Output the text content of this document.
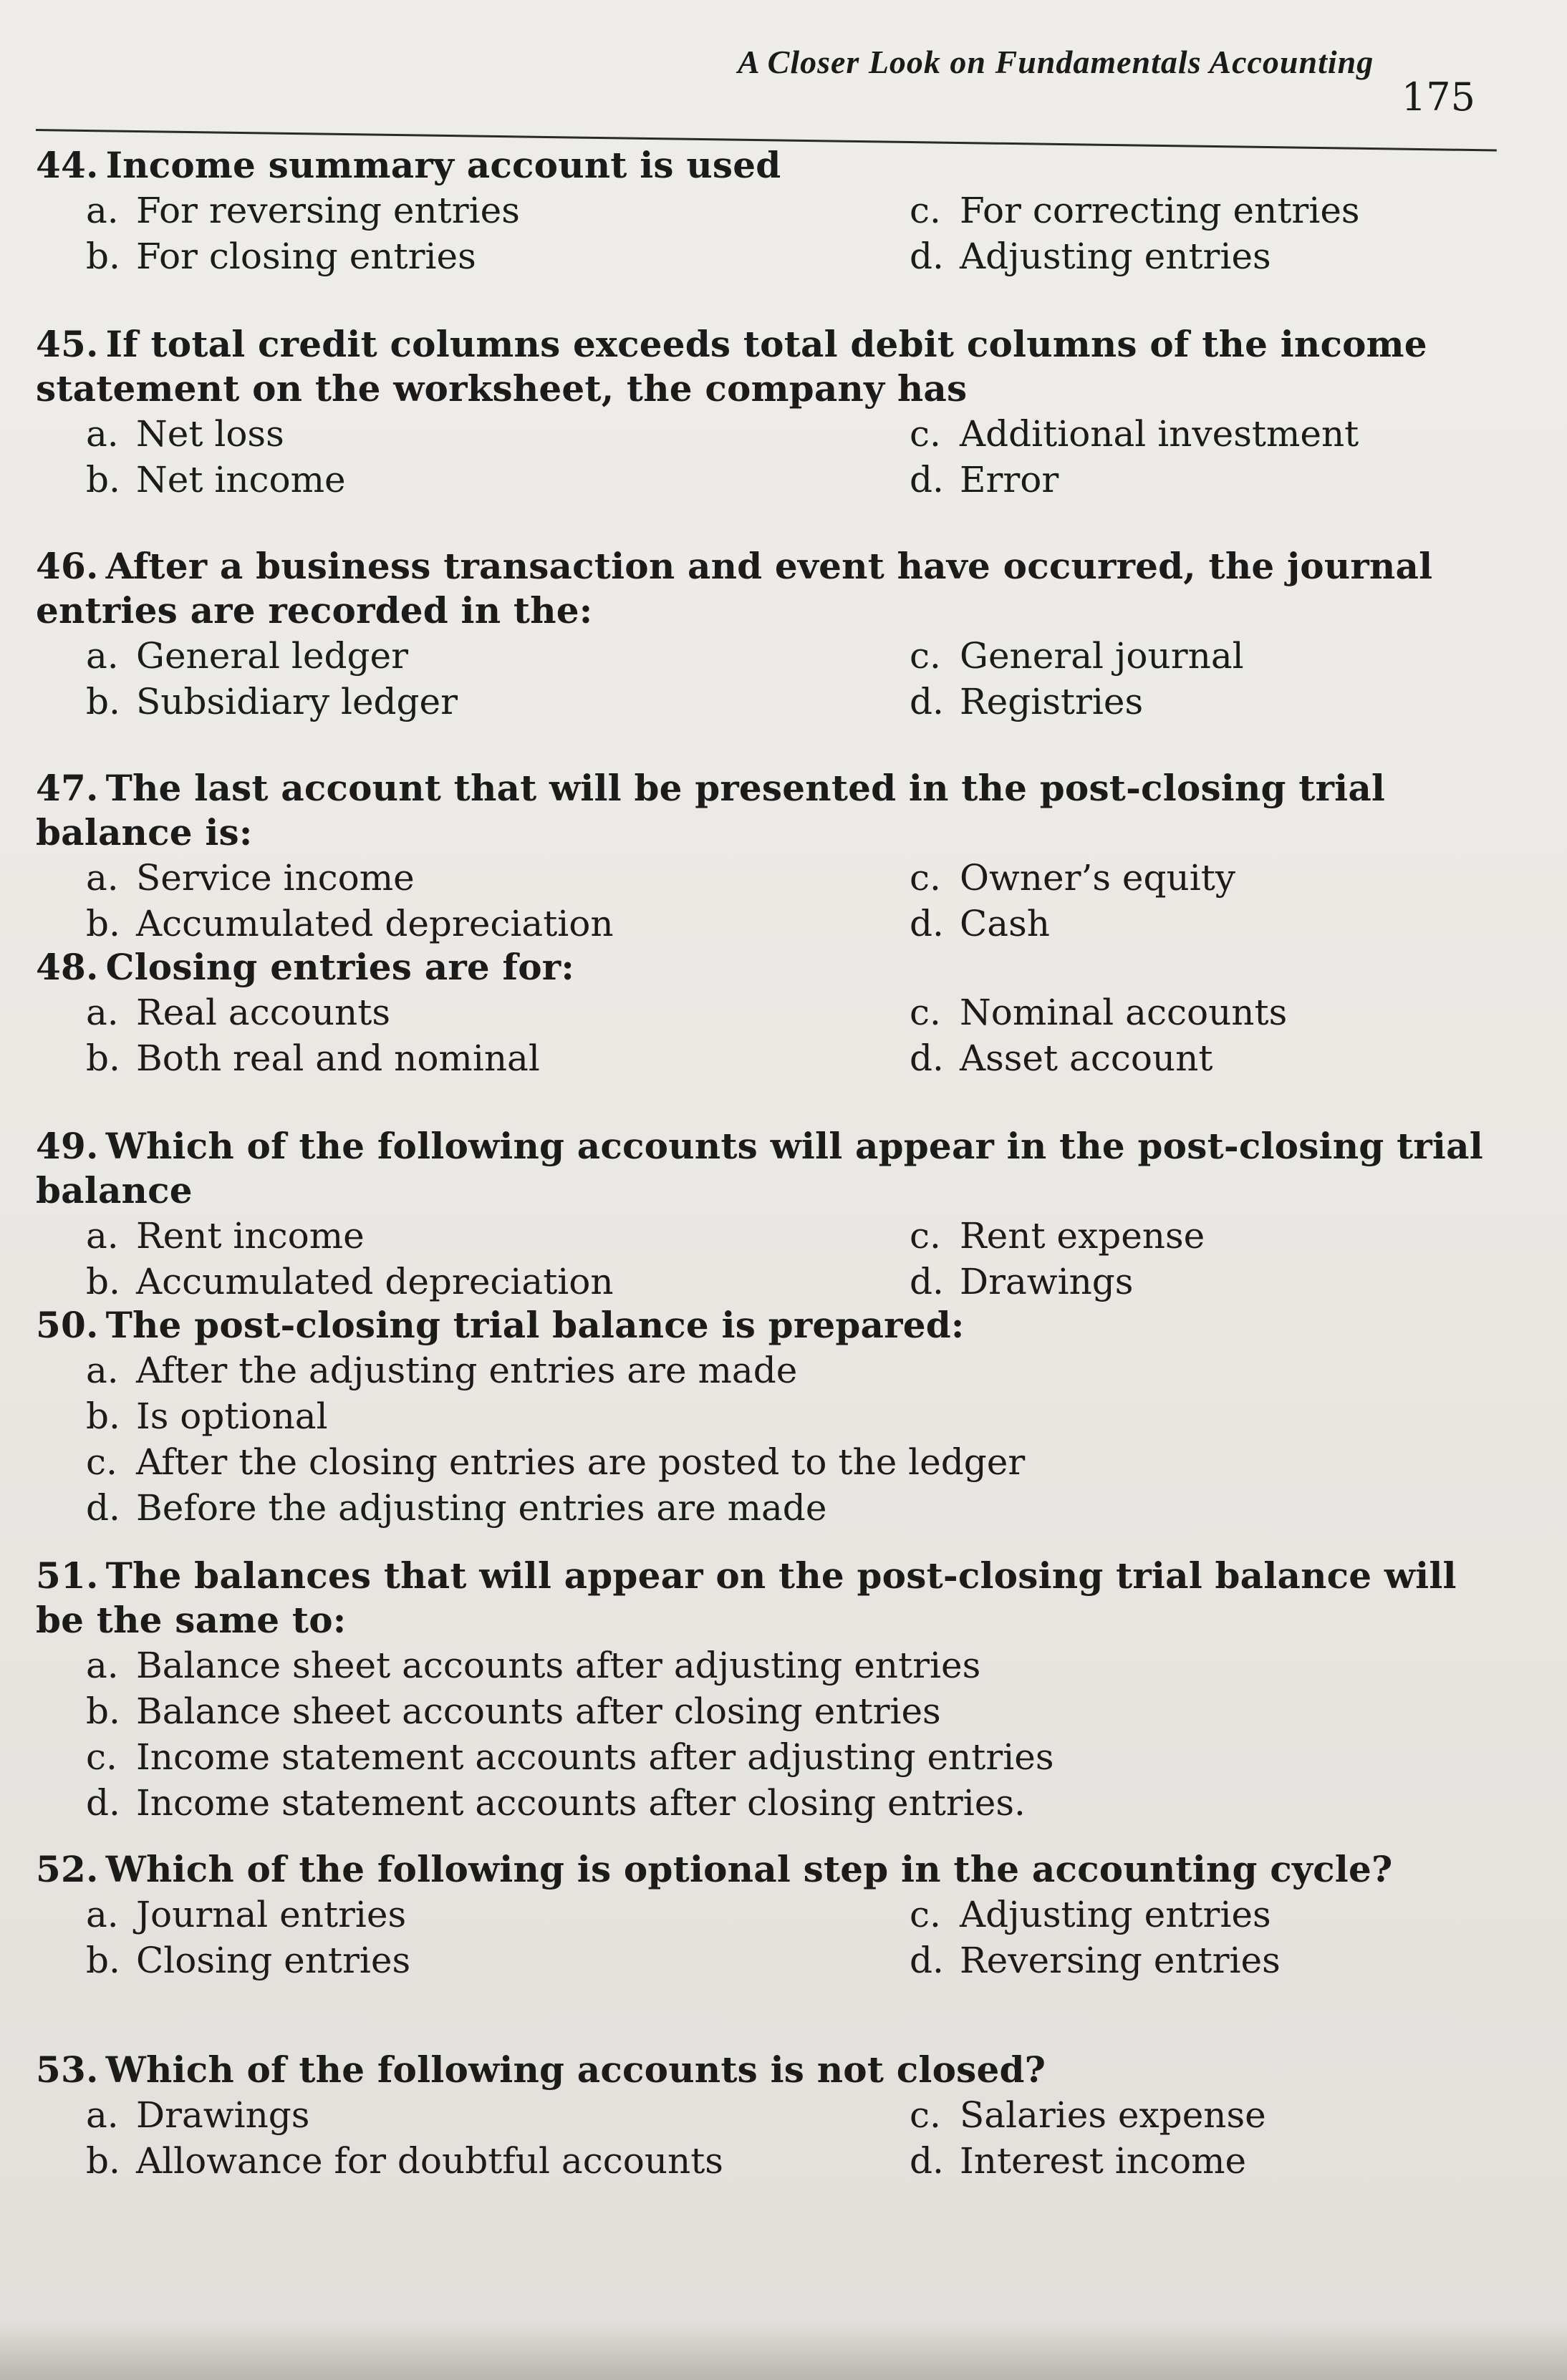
A Closer Look on Fundamentals Accounting
175
44. Income summary account is used
a. For reversing entries
b. For closing entries
c. For correcting entries
d. Adjusting entries
45. If total credit columns exceeds total debit columns of the income statement on the worksheet, the company has
a. Net loss
b. Net income
c. Additional investment
d. Error
46. After a business transaction and event have occurred, the journal entries are recorded in the:
a. General ledger
b. Subsidiary ledger
c. General journal
d. Registries
47. The last account that will be presented in the post-closing trial balance is:
a. Service income
b. Accumulated depreciation
c. Owner’s equity
d. Cash
48. Closing entries are for:
a. Real accounts
b. Both real and nominal
c. Nominal accounts
d. Asset account
49. Which of the following accounts will appear in the post-closing trial balance
a. Rent income
b. Accumulated depreciation
c. Rent expense
d. Drawings
50. The post-closing trial balance is prepared:
a. After the adjusting entries are made
b. Is optional
c. After the closing entries are posted to the ledger
d. Before the adjusting entries are made
51. The balances that will appear on the post-closing trial balance will be the same to:
a. Balance sheet accounts after adjusting entries
b. Balance sheet accounts after closing entries
c. Income statement accounts after adjusting entries
d. Income statement accounts after closing entries.
52. Which of the following is optional step in the accounting cycle?
a. Journal entries
b. Closing entries
c. Adjusting entries
d. Reversing entries
53. Which of the following accounts is not closed?
a. Drawings
b. Allowance for doubtful accounts
c. Salaries expense
d. Interest income
